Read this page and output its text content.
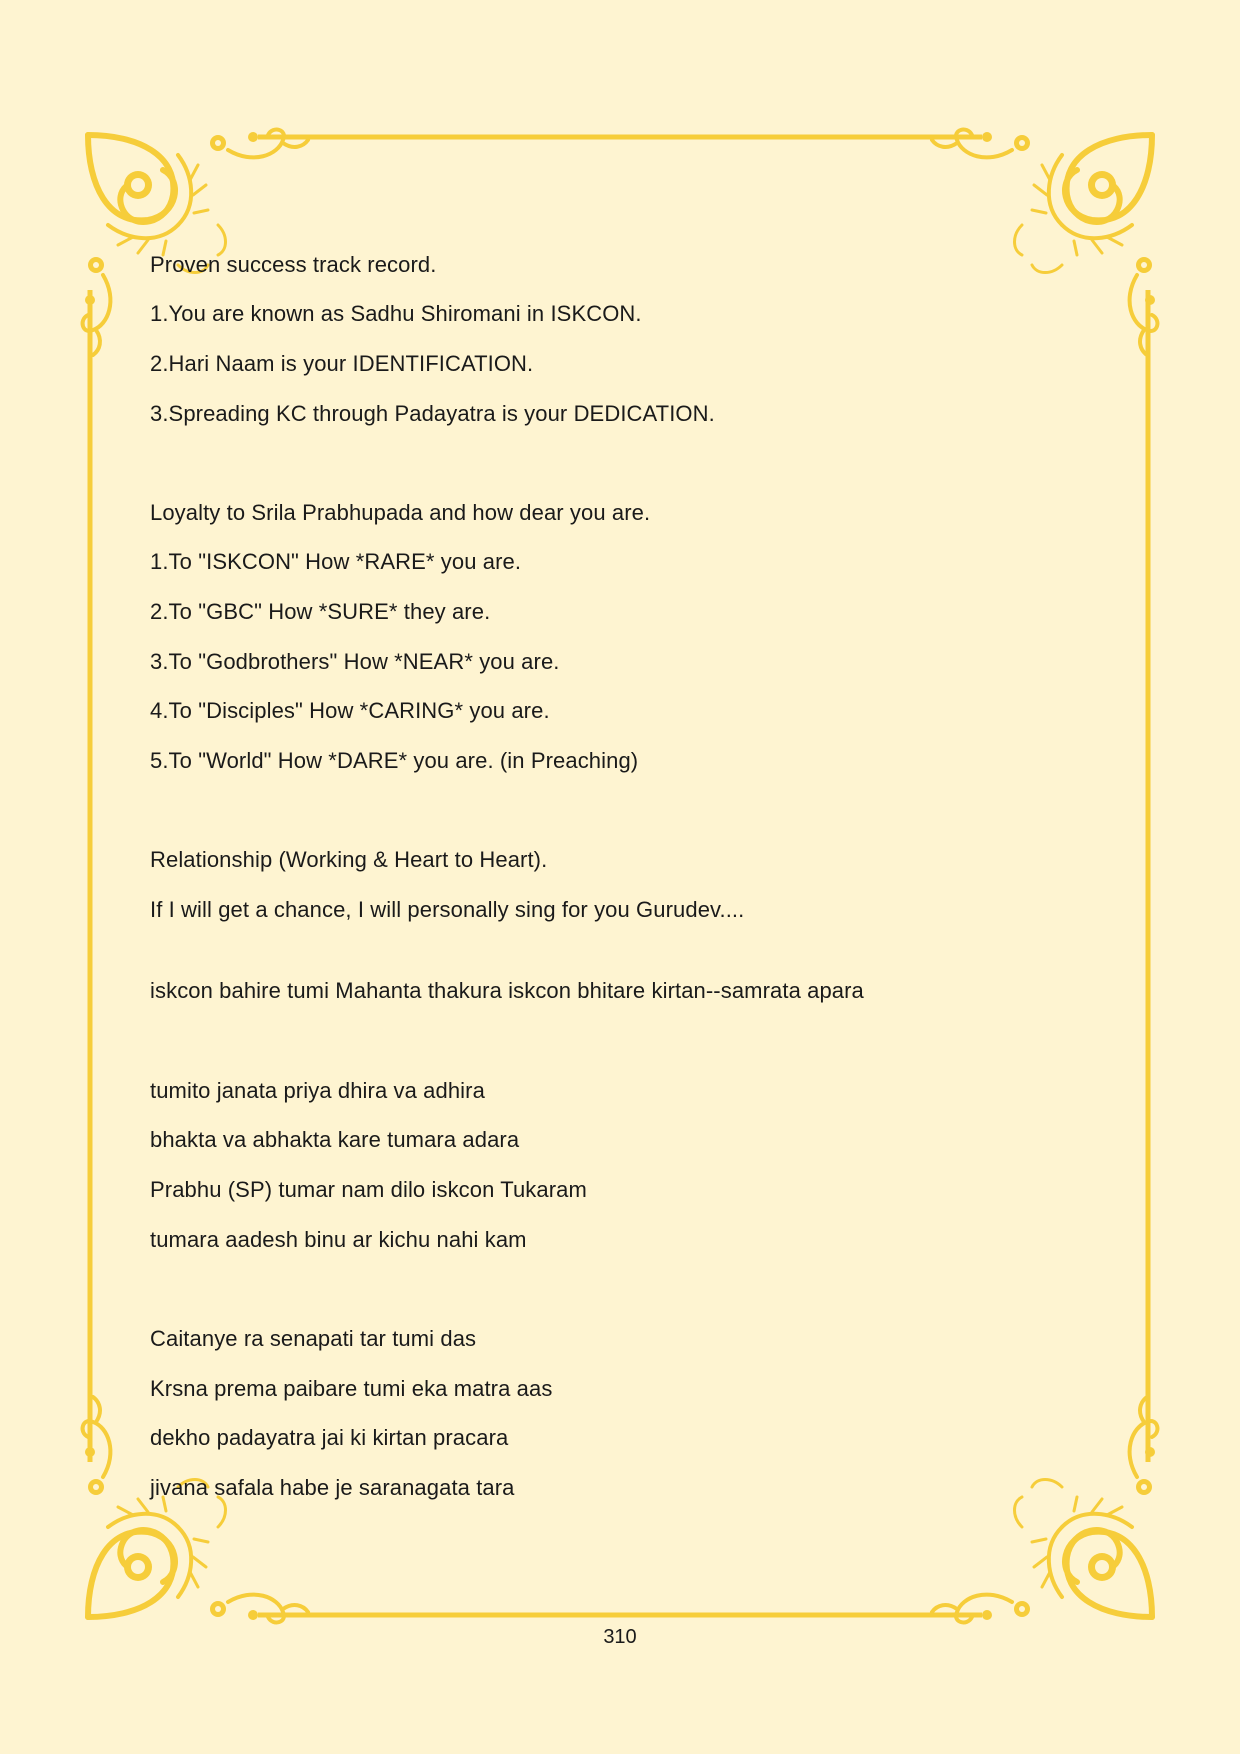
Proven success track record.
1.You are known as Sadhu Shiromani in ISKCON.
2.Hari Naam is your IDENTIFICATION.
3.Spreading KC through Padayatra is your DEDICATION.
Loyalty to Srila Prabhupada and how dear you are.
1.To "ISKCON" How *RARE* you are.
2.To "GBC" How *SURE* they are.
3.To "Godbrothers" How *NEAR* you are.
4.To "Disciples" How *CARING* you are.
5.To "World" How *DARE* you are. (in Preaching)
Relationship (Working & Heart to Heart).
If I will get a chance, I will personally sing for you Gurudev....
iskcon bahire tumi Mahanta thakura iskcon bhitare kirtan--samrata apara
tumito janata priya dhira va adhira
bhakta va abhakta kare tumara adara
Prabhu (SP) tumar nam dilo iskcon Tukaram
tumara aadesh binu ar kichu nahi kam
Caitanye ra senapati tar tumi das
Krsna prema paibare tumi eka matra aas
dekho padayatra jai ki kirtan pracara
jivana safala habe je saranagata tara
310
